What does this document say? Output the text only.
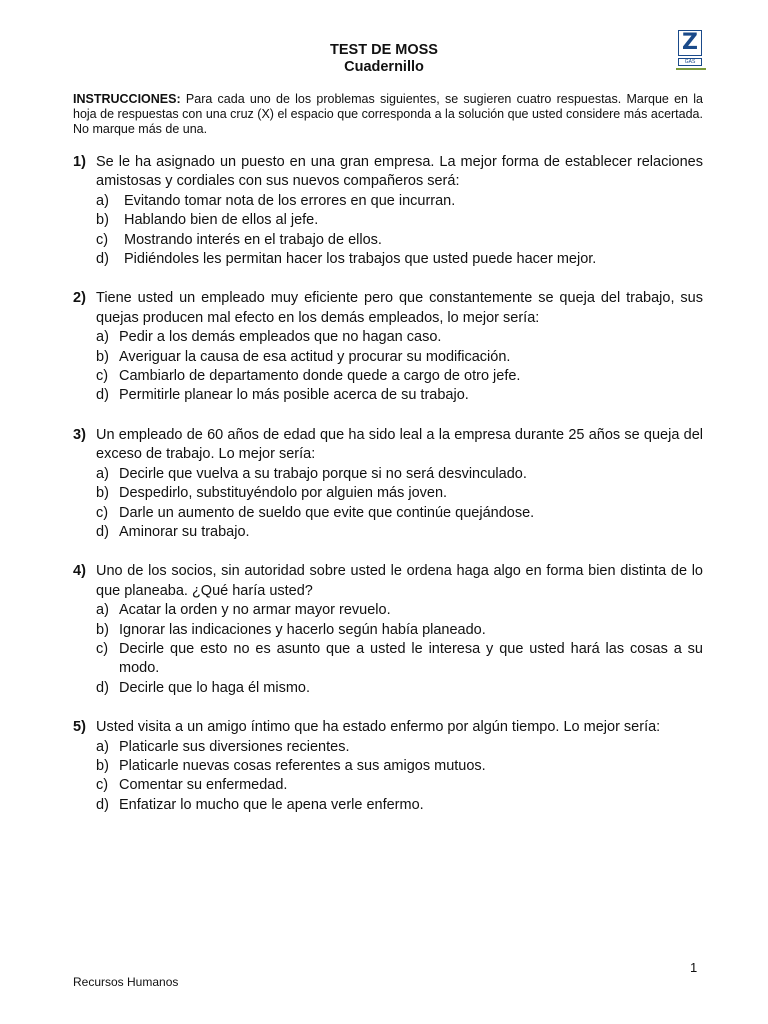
TEST DE MOSS
Cuadernillo
Z
GAS
INSTRUCCIONES: Para cada uno de los problemas siguientes, se sugieren cuatro respuestas. Marque en la hoja de respuestas con una cruz (X) el espacio que corresponda a la solución que usted considere más acertada. No marque más de una.
1) Se le ha asignado un puesto en una gran empresa. La mejor forma de establecer relaciones amistosas y cordiales con sus nuevos compañeros será:
a)	Evitando tomar nota de los errores en que incurran.
b)	Hablando bien de ellos al jefe.
c)	Mostrando interés en el trabajo de ellos.
d)	Pidiéndoles les permitan hacer los trabajos que usted puede hacer mejor.
2) Tiene usted un empleado muy eficiente pero que constantemente se queja del trabajo, sus quejas producen mal efecto en los demás empleados, lo mejor sería:
a) Pedir a los demás empleados que no hagan caso.
b) Averiguar la causa de esa actitud y procurar su modificación.
c) Cambiarlo de departamento donde quede a cargo de otro jefe.
d) Permitirle planear lo más posible acerca de su trabajo.
3) Un empleado de 60 años de edad que ha sido leal a la empresa durante 25 años se queja del exceso de trabajo. Lo mejor sería:
a) Decirle que vuelva a su trabajo porque si no será desvinculado.
b) Despedirlo, substituyéndolo por alguien más joven.
c) Darle un aumento de sueldo que evite que continúe quejándose.
d) Aminorar su trabajo.
4) Uno de los socios, sin autoridad sobre usted le ordena haga algo en forma bien distinta de lo que planeaba. ¿Qué haría usted?
a) Acatar la orden y no armar mayor revuelo.
b) Ignorar las indicaciones y hacerlo según había planeado.
c) Decirle que esto no es asunto que a usted le interesa y que usted hará las cosas a su modo.
d) Decirle que lo haga él mismo.
5) Usted visita a un amigo íntimo que ha estado enfermo por algún tiempo. Lo mejor sería:
a) Platicarle sus diversiones recientes.
b) Platicarle nuevas cosas referentes a sus amigos mutuos.
c) Comentar su enfermedad.
d) Enfatizar lo mucho que le apena verle enfermo.
1
Recursos Humanos
